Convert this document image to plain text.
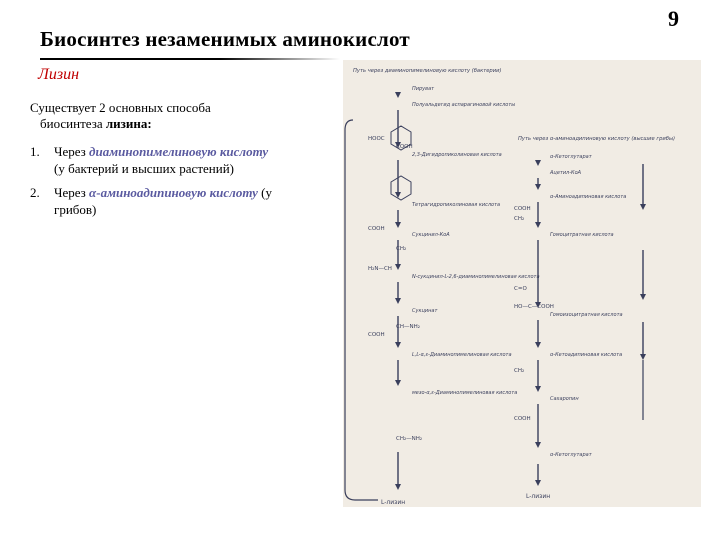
9
Биосинтез незаменимых аминокислот
Лизин
Существует 2 основных способа
биосинтеза лизина:
1. Через диаминопимелиновую кислоту
(у бактерий и высших растений)
2. Через α-аминоадипиновую кислоту (у
грибов)
Путь через диаминопимелиновую кислоту (бактерии)
Пируват
Полуальдегид аспарагиновой кислоты
2,3-Дигидропиколиновая кислота
Тетрагидропиколиновая кислота
Сукцинил-КоА
N-сукцинил-L-2,6-диаминопимелиновая кислота
Сукцинат
L,L-α,ε-Диаминопимелиновая кислота
мезо-α,ε-Диаминопимелиновая кислота
HOOC
COOH
COOH
CH₂
H₂N—CH
CH—NH₂
COOH
CH₂—NH₂
L-лизин
Путь через α-аминоадипиновую кислоту (высшие грибы)
α-Кетоглутарат
Ацетил-КоА
α-Аминоадипиновая кислота
Гомоцитратная кислота
Гомоизоцитратная кислота
α-Кетоадипиновая кислота
Сахаропин
α-Кетоглутарат
COOH
CH₂
C=O
HO—C—COOH
CH₂
COOH
L-лизин
